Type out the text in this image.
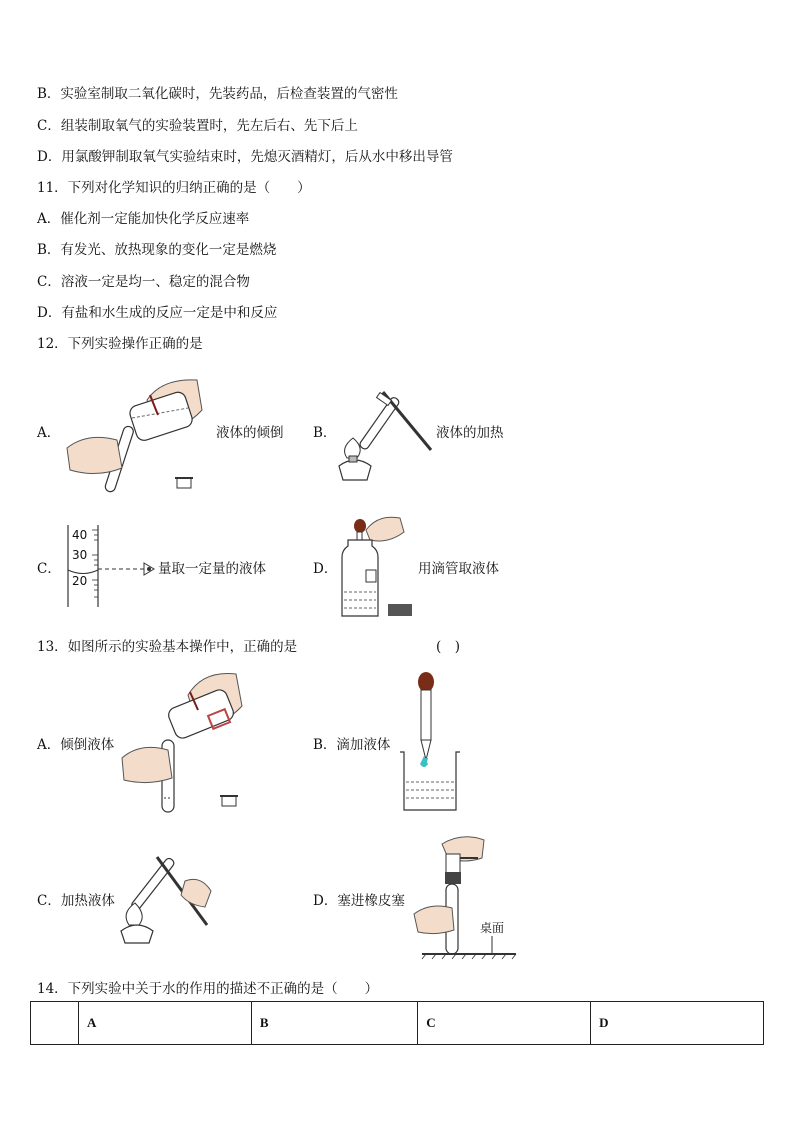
B．实验室制取二氧化碳时，先装药品，后检查装置的气密性
C．组装制取氧气的实验装置时，先左后右、先下后上
D．用氯酸钾制取氧气实验结束时，先熄灭酒精灯，后从水中移出导管
11．下列对化学知识的归纳正确的是（　　）
A．催化剂一定能加快化学反应速率
B．有发光、放热现象的变化一定是燃烧
C．溶液一定是均一、稳定的混合物
D．有盐和水生成的反应一定是中和反应
12．下列实验操作正确的是
A．	液体的倾倒 B．	液体的加热
C．
40
30
20
量取一定量的液体	D．	用滴管取液体
13．如图所示的实验基本操作中，正确的是	(　)
A．倾倒液体	B．滴加液体
C．加热液体	D．塞进橡皮塞
桌面
14．下列实验中关于水的作用的描述不正确的是（　　）
	A	B	C	D
